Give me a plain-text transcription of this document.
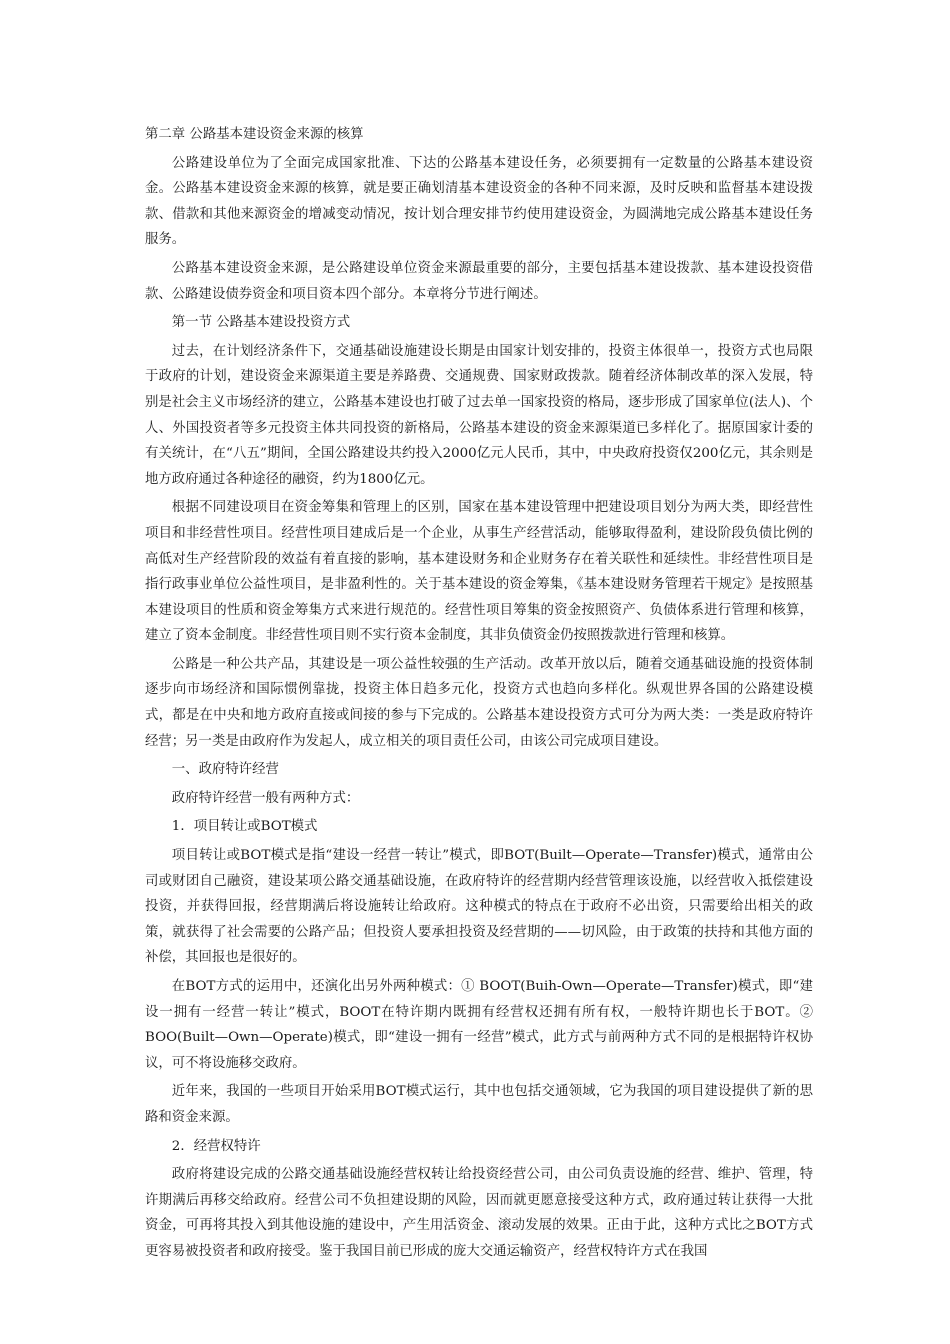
第二章 公路基本建设资金来源的核算

公路建设单位为了全面完成国家批准、下达的公路基本建设任务，必须要拥有一定数量的公路基本建设资金。公路基本建设资金来源的核算，就是要正确划清基本建设资金的各种不同来源，及时反映和监督基本建设拨款、借款和其他来源资金的增减变动情况，按计划合理安排节约使用建设资金，为圆满地完成公路基本建设任务服务。

公路基本建设资金来源，是公路建设单位资金来源最重要的部分，主要包括基本建设拨款、基本建设投资借款、公路建设债券资金和项目资本四个部分。本章将分节进行阐述。

第一节 公路基本建设投资方式

过去，在计划经济条件下，交通基础设施建设长期是由国家计划安排的，投资主体很单一，投资方式也局限于政府的计划，建设资金来源渠道主要是养路费、交通规费、国家财政拨款。随着经济体制改革的深入发展，特别是社会主义市场经济的建立，公路基本建设也打破了过去单一国家投资的格局，逐步形成了国家单位(法人)、个人、外国投资者等多元投资主体共同投资的新格局，公路基本建设的资金来源渠道已多样化了。据原国家计委的有关统计，在“八五”期间，全国公路建设共约投入2000亿元人民币，其中，中央政府投资仅200亿元，其余则是地方政府通过各种途径的融资，约为1800亿元。

根据不同建设项目在资金筹集和管理上的区别，国家在基本建设管理中把建设项目划分为两大类，即经营性项目和非经营性项目。经营性项目建成后是一个企业，从事生产经营活动，能够取得盈利，建设阶段负债比例的高低对生产经营阶段的效益有着直接的影响，基本建设财务和企业财务存在着关联性和延续性。非经营性项目是指行政事业单位公益性项目，是非盈利性的。关于基本建设的资金筹集，《基本建设财务管理若干规定》是按照基本建设项目的性质和资金筹集方式来进行规范的。经营性项目筹集的资金按照资产、负债体系进行管理和核算，建立了资本金制度。非经营性项目则不实行资本金制度，其非负债资金仍按照拨款进行管理和核算。

公路是一种公共产品，其建设是一项公益性较强的生产活动。改革开放以后，随着交通基础设施的投资体制逐步向市场经济和国际惯例靠拢，投资主体日趋多元化，投资方式也趋向多样化。纵观世界各国的公路建设模式，都是在中央和地方政府直接或间接的参与下完成的。公路基本建设投资方式可分为两大类：一类是政府特许经营；另一类是由政府作为发起人，成立相关的项目责任公司，由该公司完成项目建设。

一、政府特许经营

政府特许经营一般有两种方式：

1．项目转让或BOT模式

项目转让或BOT模式是指“建设一经营一转让”模式，即BOT(Built—Operate—Transfer)模式，通常由公司或财团自己融资，建设某项公路交通基础设施，在政府特许的经营期内经营管理该设施，以经营收入抵偿建设投资，并获得回报，经营期满后将设施转让给政府。这种模式的特点在于政府不必出资，只需要给出相关的政策，就获得了社会需要的公路产品；但投资人要承担投资及经营期的——切风险，由于政策的扶持和其他方面的补偿，其回报也是很好的。

在BOT方式的运用中，还演化出另外两种模式：① BOOT(Buih-Own—Operate—Transfer)模式，即“建设一拥有一经营一转让”模式，BOOT在特许期内既拥有经营权还拥有所有权，一般特许期也长于BOT。② BOO(Built—Own—Operate)模式，即“建设一拥有一经营”模式，此方式与前两种方式不同的是根据特许权协议，可不将设施移交政府。

近年来，我国的一些项目开始采用BOT模式运行，其中也包括交通领域，它为我国的项目建设提供了新的思路和资金来源。

2．经营权特许

政府将建设完成的公路交通基础设施经营权转让给投资经营公司，由公司负责设施的经营、维护、管理，特许期满后再移交给政府。经营公司不负担建设期的风险，因而就更愿意接受这种方式，政府通过转让获得一大批资金，可再将其投入到其他设施的建设中，产生用活资金、滚动发展的效果。正由于此，这种方式比之BOT方式更容易被投资者和政府接受。鉴于我国目前已形成的庞大交通运输资产，经营权特许方式在我国
